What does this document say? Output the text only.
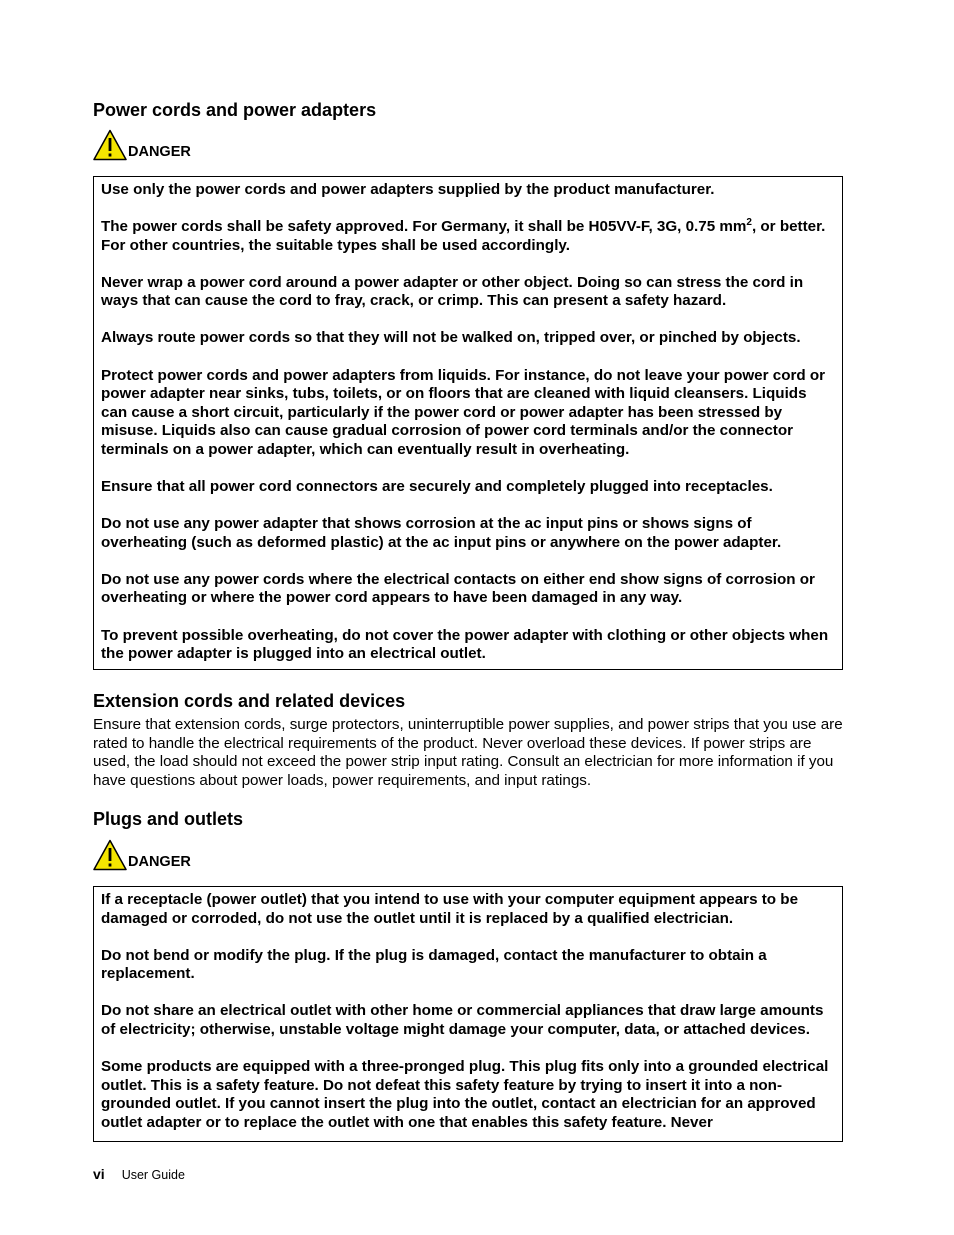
Power cords and power adapters
DANGER

Use only the power cords and power adapters supplied by the product manufacturer.

The power cords shall be safety approved. For Germany, it shall be H05VV-F, 3G, 0.75 $mm^2$, or better. For other countries, the suitable types shall be used accordingly.

Never wrap a power cord around a power adapter or other object. Doing so can stress the cord in ways that can cause the cord to fray, crack, or crimp. This can present a safety hazard.

Always route power cords so that they will not be walked on, tripped over, or pinched by objects.

Protect power cords and power adapters from liquids. For instance, do not leave your power cord or power adapter near sinks, tubs, toilets, or on floors that are cleaned with liquid cleansers. Liquids can cause a short circuit, particularly if the power cord or power adapter has been stressed by misuse. Liquids also can cause gradual corrosion of power cord terminals and/or the connector terminals on a power adapter, which can eventually result in overheating.

Ensure that all power cord connectors are securely and completely plugged into receptacles.

Do not use any power adapter that shows corrosion at the ac input pins or shows signs of overheating (such as deformed plastic) at the ac input pins or anywhere on the power adapter.

Do not use any power cords where the electrical contacts on either end show signs of corrosion or overheating or where the power cord appears to have been damaged in any way.

To prevent possible overheating, do not cover the power adapter with clothing or other objects when the power adapter is plugged into an electrical outlet.

Extension cords and related devices

Ensure that extension cords, surge protectors, uninterruptible power supplies, and power strips that you use are rated to handle the electrical requirements of the product. Never overload these devices. If power strips are used, the load should not exceed the power strip input rating. Consult an electrician for more information if you have questions about power loads, power requirements, and input ratings.

Plugs and outlets
DANGER

If a receptacle (power outlet) that you intend to use with your computer equipment appears to be damaged or corroded, do not use the outlet until it is replaced by a qualified electrician.

Do not bend or modify the plug. If the plug is damaged, contact the manufacturer to obtain a replacement.

Do not share an electrical outlet with other home or commercial appliances that draw large amounts of electricity; otherwise, unstable voltage might damage your computer, data, or attached devices.

Some products are equipped with a three-pronged plug. This plug fits only into a grounded electrical outlet. This is a safety feature. Do not defeat this safety feature by trying to insert it into a non-grounded outlet. If you cannot insert the plug into the outlet, contact an electrician for an approved outlet adapter or to replace the outlet with one that enables this safety feature. Never

vi User Guide
